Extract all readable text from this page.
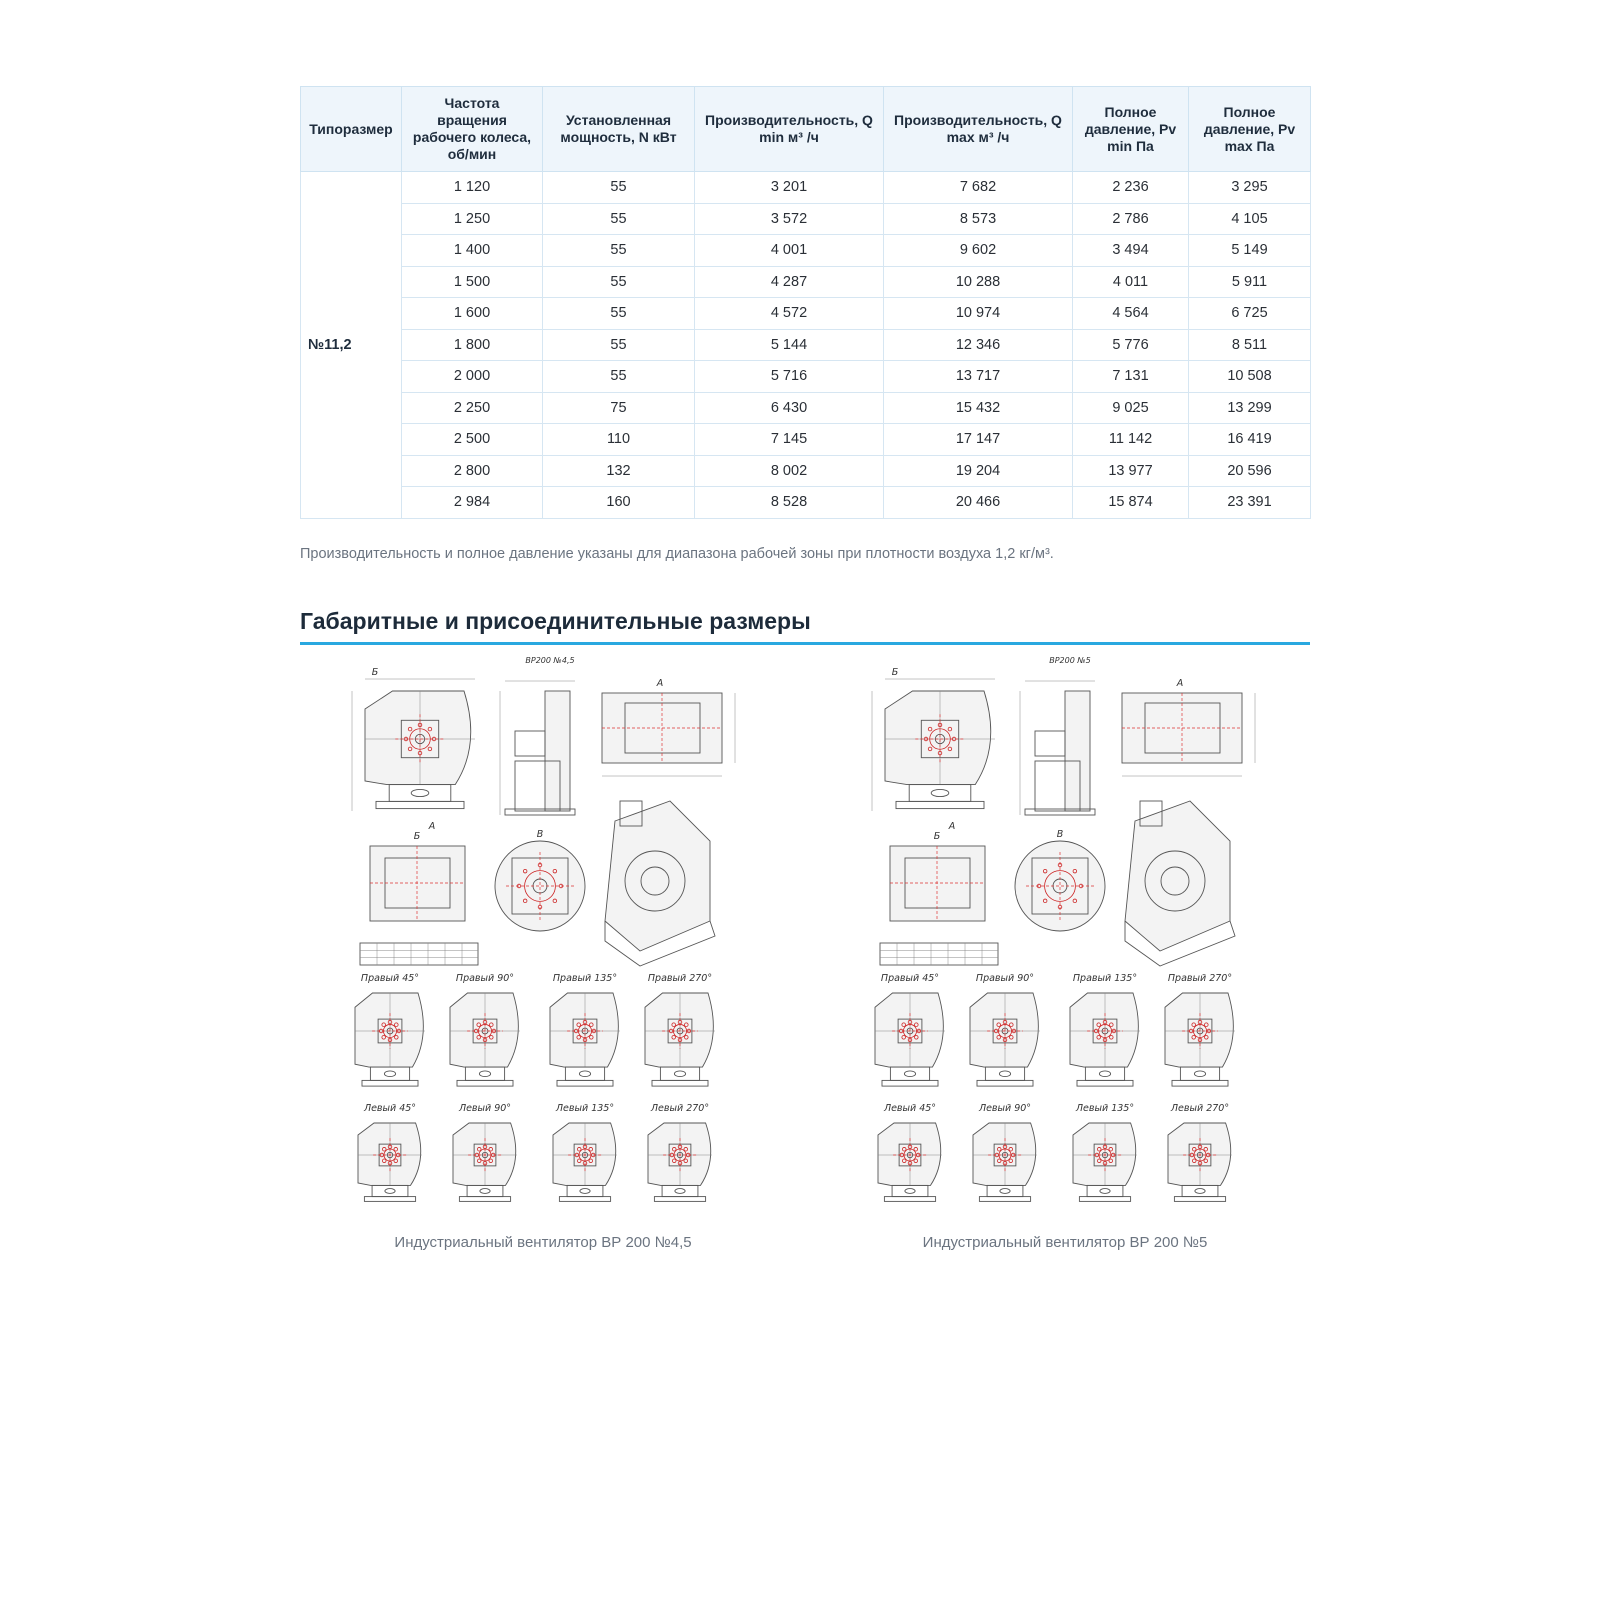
Типоразмер	Частота вращения рабочего колеса, об/мин	Установленная мощность, N кВт	Производительность, Q min м³ /ч	Производительность, Q max м³ /ч	Полное давление, Pv min Па	Полное давление, Pv max Па
№11,2	1 120	55	3 201	7 682	2 236	3 295
	1 250	55	3 572	8 573	2 786	4 105
	1 400	55	4 001	9 602	3 494	5 149
	1 500	55	4 287	10 288	4 011	5 911
	1 600	55	4 572	10 974	4 564	6 725
	1 800	55	5 144	12 346	5 776	8 511
	2 000	55	5 716	13 717	7 131	10 508
	2 250	75	6 430	15 432	9 025	13 299
	2 500	110	7 145	17 147	11 142	16 419
	2 800	132	8 002	19 204	13 977	20 596
	2 984	160	8 528	20 466	15 874	23 391
Производительность и полное давление указаны для диапазона рабочей зоны при плотности воздуха 1,2 кг/м³.
Габаритные и присоединительные размеры
ВР200 №4,5
Б
А
А
Б	В
Правый 45°
Левый 45°
Правый 90°
Левый 90°
Правый 135°
Левый 135°
Правый 270°
Левый 270°
ВР200 №5
Б
А
А
Б	В
Правый 45°
Левый 45°
Правый 90°
Левый 90°
Правый 135°
Левый 135°
Правый 270°
Левый 270°
Индустриальный вентилятор ВР 200 №4,5	Индустриальный вентилятор ВР 200 №5
